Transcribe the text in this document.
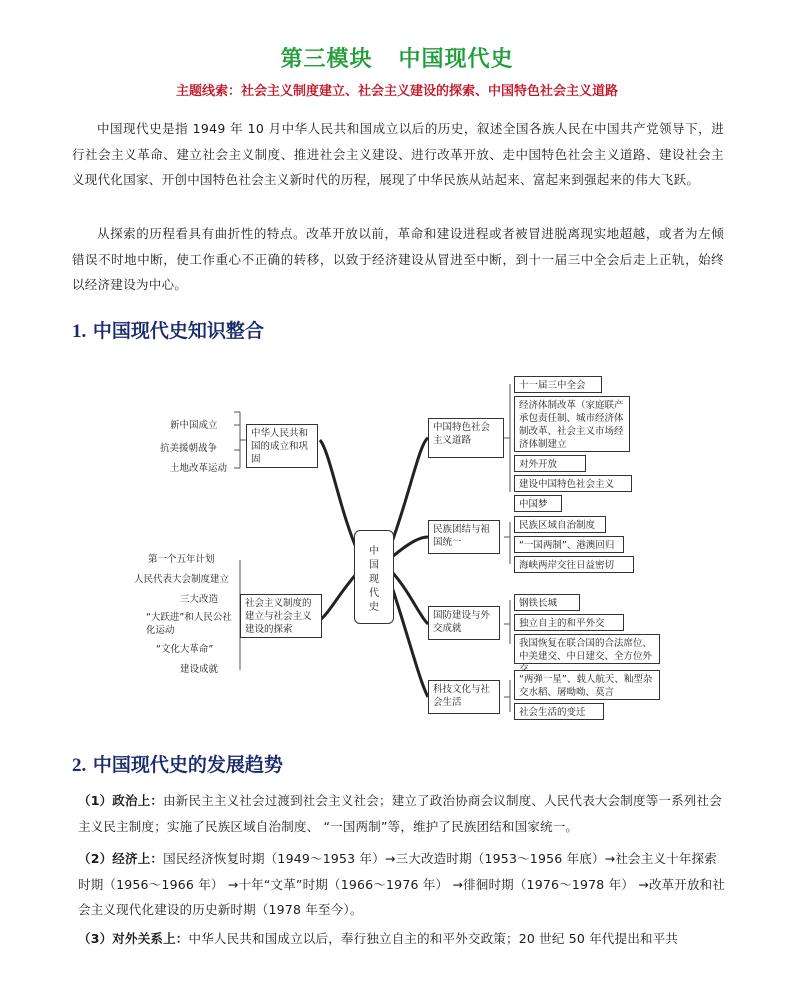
第三模块 中国现代史
主题线索：社会主义制度建立、社会主义建设的探索、中国特色社会主义道路
中国现代史是指 1949 年 10 月中华人民共和国成立以后的历史，叙述全国各族人民在中国共产党领导下，进行社会主义革命、建立社会主义制度、推进社会主义建设、进行改革开放、走中国特色社会主义道路、建设社会主义现代化国家、开创中国特色社会主义新时代的历程，展现了中华民族从站起来、富起来到强起来的伟大飞跃。
从探索的历程看具有曲折性的特点。改革开放以前，革命和建设进程或者被冒进脱离现实地超越，或者为左倾错误不时地中断，使工作重心不正确的转移，以致于经济建设从冒进至中断，到十一届三中全会后走上正轨，始终以经济建设为中心。
1. 中国现代史知识整合
中国现代史
中华人民共和国的成立和巩固
新中国成立
抗美援朝战争
土地改革运动
社会主义制度的建立与社会主义建设的探索
第一个五年计划
人民代表大会制度建立
三大改造
“大跃进”和人民公社化运动
“文化大革命”
建设成就
中国特色社会主义道路
十一届三中全会
经济体制改革（家庭联产承包责任制、城市经济体制改革、社会主义市场经济体制建立
对外开放
建设中国特色社会主义
中国梦
民族团结与祖国统一
民族区域自治制度
“一国两制”、港澳回归
海峡两岸交往日益密切
国防建设与外交成就
钢铁长城
独立自主的和平外交
我国恢复在联合国的合法席位、中美建交、中日建交、全方位外
科技文化与社会生活
“两弹一星”、载人航天、籼型杂交水稻、屠呦呦、莫言
社会生活的变迁
2. 中国现代史的发展趋势
（1）政治上：由新民主主义社会过渡到社会主义社会；建立了政治协商会议制度、人民代表大会制度等一系列社会主义民主制度；实施了民族区域自治制度、 “一国两制”等，维护了民族团结和国家统一。
（2）经济上：国民经济恢复时期（1949～1953 年）→三大改造时期（1953～1956 年底）→社会主义十年探索时期（1956～1966 年） →十年“文革”时期（1966～1976 年） →徘徊时期（1976～1978 年） →改革开放和社会主义现代化建设的历史新时期（1978 年至今）。
（3）对外关系上：中华人民共和国成立以后，奉行独立自主的和平外交政策；20 世纪 50 年代提出和平共
